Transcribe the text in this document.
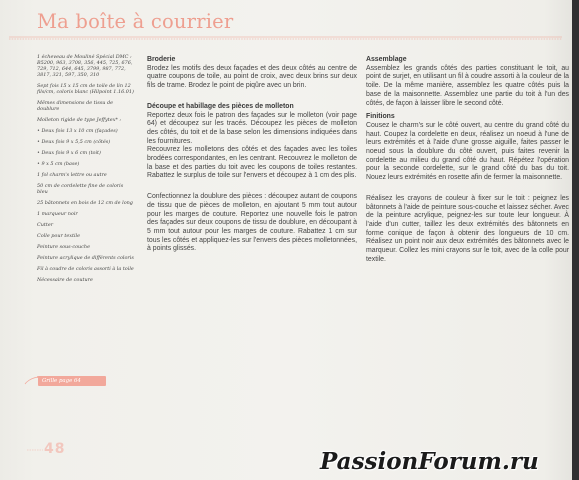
Ma boîte à courrier

1 écheveau de Mouliné Spécial DMC : B5200, 963, 3708, 356, 445, 725, 676, 729, 712, 644, 645, 3799, 987, 772, 3817, 321, 597, 350, 310

Sept fois 15 x 15 cm de toile de lin 12 fils/cm, coloris blanc (Hilpoint 1.16.01)

Mêmes dimensions de tissu de doublure

Molleton rigide de type Jeffytex* :

• Deux fois 13 x 10 cm (façades)

• Deux fois 9 x 5,5 cm (côtés)

• Deux fois 9 x 6 cm (toit)

• 9 x 5 cm (base)

1 fol charm's lettre ou autre

50 cm de cordelette fine de coloris bleu

25 bâtonnets en bois de 12 cm de long

1 marqueur noir

Cutter

Colle pour textile

Peinture sous-couche

Peinture acrylique de différents coloris

Fil à coudre de coloris assorti à la toile

Nécessaire de couture

Broderie

Brodez les motifs des deux façades et des deux côtés au centre de quatre coupons de toile, au point de croix, avec deux brins sur deux fils de trame. Brodez le point de piqûre avec un brin.

Découpe et habillage des pièces de molleton

Reportez deux fois le patron des façades sur le molleton (voir page 64) et découpez sur les tracés. Découpez les pièces de molleton des côtés, du toit et de la base selon les dimensions indiquées dans les fournitures.

Recouvrez les molletons des côtés et des façades avec les toiles brodées correspondantes, en les centrant. Recouvrez le molleton de la base et des parties du toit avec les coupons de toiles restantes. Rabattez le surplus de toile sur l'envers et découpez à 1 cm des plis.

Confectionnez la doublure des pièces : découpez autant de coupons de tissu que de pièces de molleton, en ajoutant 5 mm tout autour pour les marges de couture. Reportez une nouvelle fois le patron des façades sur deux coupons de tissu de doublure, en découpant à 5 mm tout autour pour les marges de couture. Rabattez 1 cm sur tous les côtés et appliquez-les sur l'envers des pièces molletonnées, à points glissés.

Assemblage

Assemblez les grands côtés des parties constituant le toit, au point de surjet, en utilisant un fil à coudre assorti à la couleur de la toile. De la même manière, assemblez les quatre côtés puis la base de la maisonnette. Assemblez une partie du toit à l'un des côtés, de façon à laisser libre le second côté.

Finitions

Cousez le charm's sur le côté ouvert, au centre du grand côté du haut. Coupez la cordelette en deux, réalisez un noeud à l'une de leurs extrémités et à l'aide d'une grosse aiguille, faites passer le noeud sous la doublure du côté ouvert, puis faites revenir la cordelette au milieu du grand côté du haut. Répétez l'opération pour la seconde cordelette, sur le grand côté du bas du toit. Nouez leurs extrémités en rosette afin de fermer la maisonnette.

Réalisez les crayons de couleur à fixer sur le toit : peignez les bâtonnets à l'aide de peinture sous-couche et laissez sécher. Avec de la peinture acrylique, peignez-les sur toute leur longueur. À l'aide d'un cutter, taillez les deux extrémités des bâtonnets en forme conique de façon à obtenir des longueurs de 10 cm. Réalisez un point noir aux deux extrémités des bâtonnets avec le marqueur. Collez les mini crayons sur le toit, avec de la colle pour textile.

Grille page 64
48	PassionForum.ru
